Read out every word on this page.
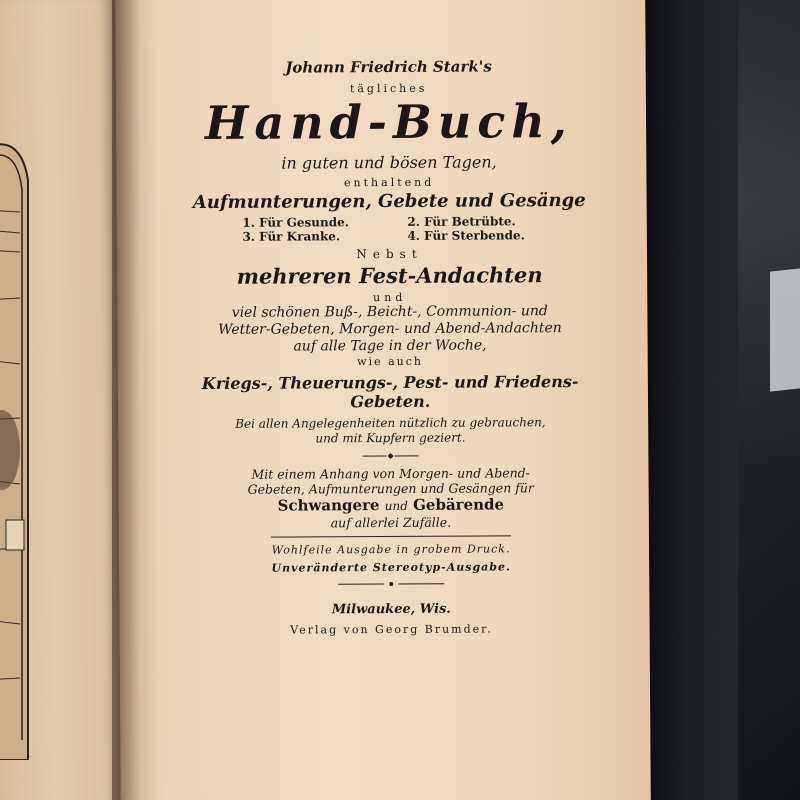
Johann Friedrich Stark's
tägliches
Hand-Buch,
in guten und bösen Tagen,
enthaltend
Aufmunterungen, Gebete und Gesänge
1. Für Gesunde.	2. Für Betrübte.
3. Für Kranke.	4. Für Sterbende.
Nebst
mehreren Fest-Andachten
und
viel schönen Buß-, Beicht-, Communion- und
Wetter-Gebeten, Morgen- und Abend-Andachten
auf alle Tage in der Woche,
wie auch
Kriegs-, Theuerungs-, Pest- und Friedens-
Gebeten.
Bei allen Angelegenheiten nützlich zu gebrauchen,
und mit Kupfern geziert.
Mit einem Anhang von Morgen- und Abend-
Gebeten, Aufmunterungen und Gesängen für
Schwangere und Gebärende
auf allerlei Zufälle.
Wohlfeile Ausgabe in grobem Druck.
Unveränderte Stereotyp-Ausgabe.
Milwaukee, Wis.
Verlag von Georg Brumder.
